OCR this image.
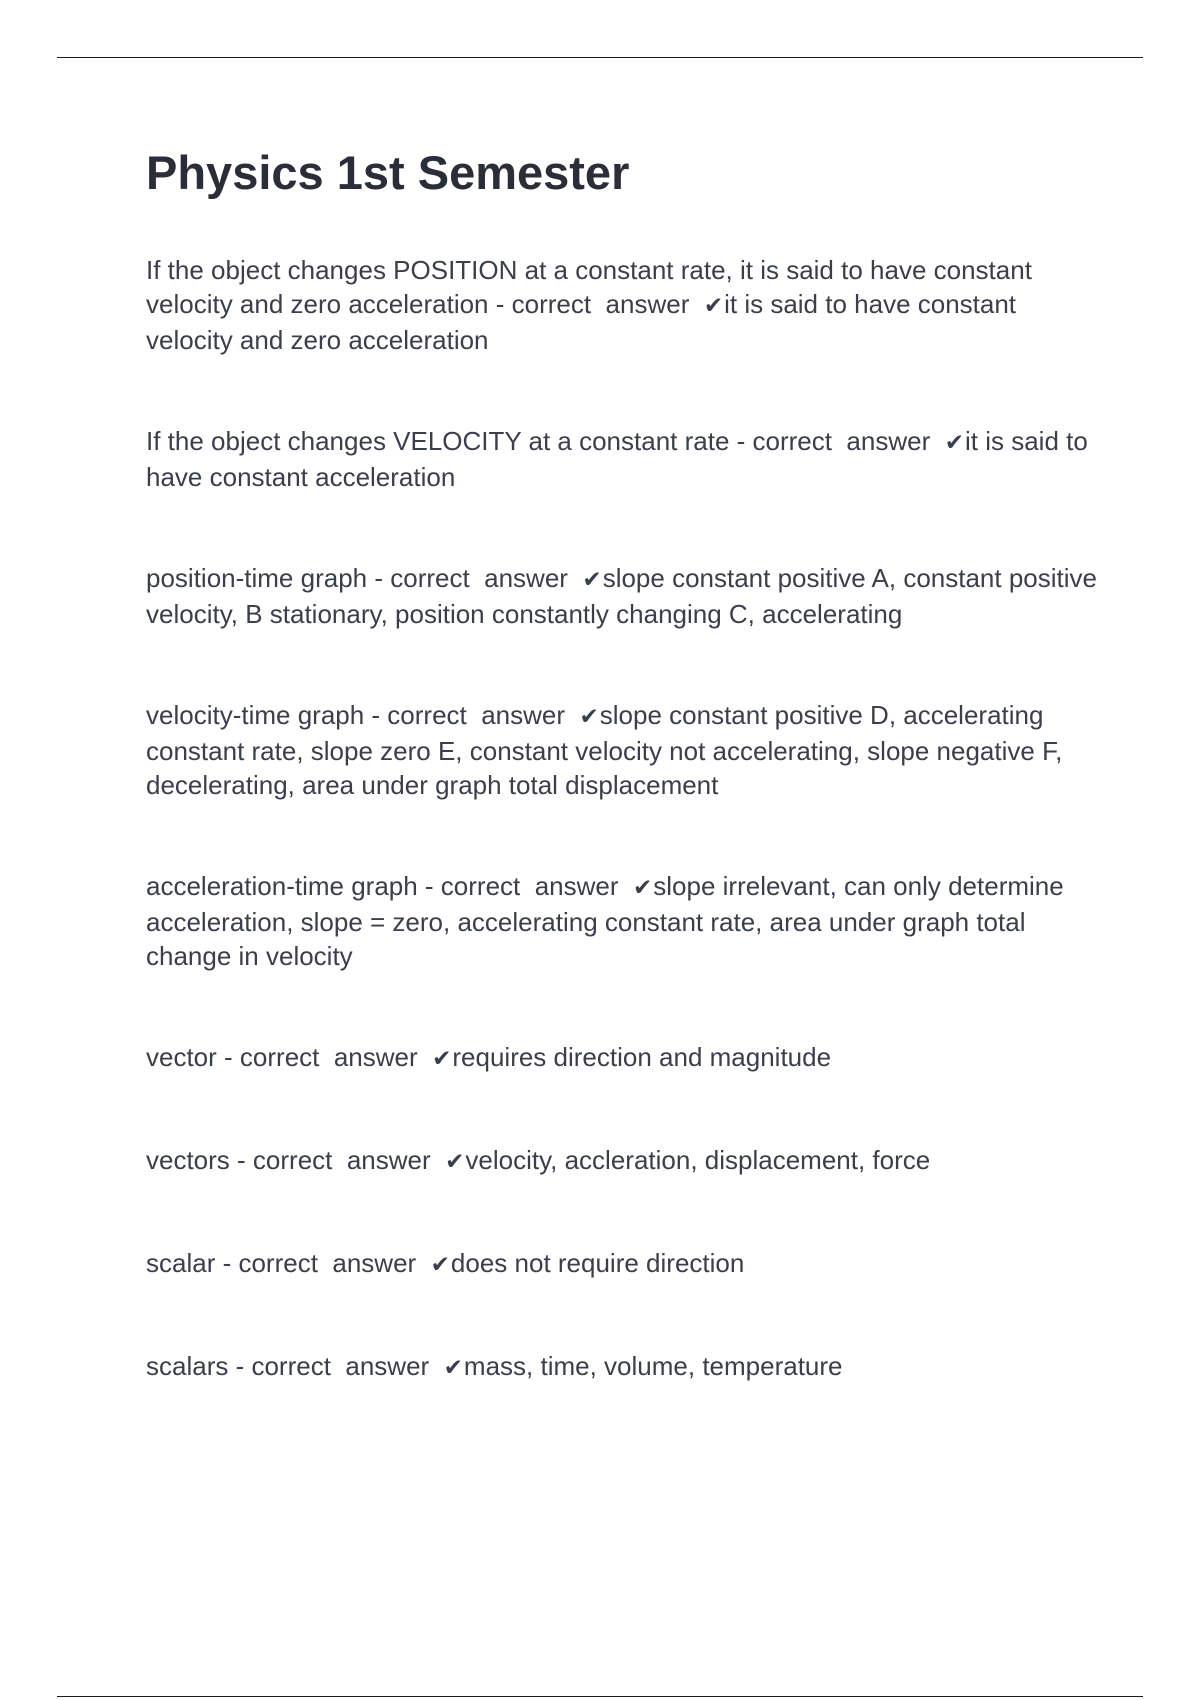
Physics 1st Semester

If the object changes POSITION at a constant rate, it is said to have constant velocity and zero acceleration - correct  answer  ✔it is said to have constant velocity and zero acceleration

If the object changes VELOCITY at a constant rate - correct  answer  ✔it is said to have constant acceleration

position-time graph - correct  answer  ✔slope constant positive A, constant positive velocity, B stationary, position constantly changing C, accelerating

velocity-time graph - correct  answer  ✔slope constant positive D, accelerating constant rate, slope zero E, constant velocity not accelerating, slope negative F, decelerating, area under graph total displacement

acceleration-time graph - correct  answer  ✔slope irrelevant, can only determine acceleration, slope = zero, accelerating constant rate, area under graph total change in velocity

vector - correct  answer  ✔requires direction and magnitude

vectors - correct  answer  ✔velocity, accleration, displacement, force

scalar - correct  answer  ✔does not require direction

scalars - correct  answer  ✔mass, time, volume, temperature
